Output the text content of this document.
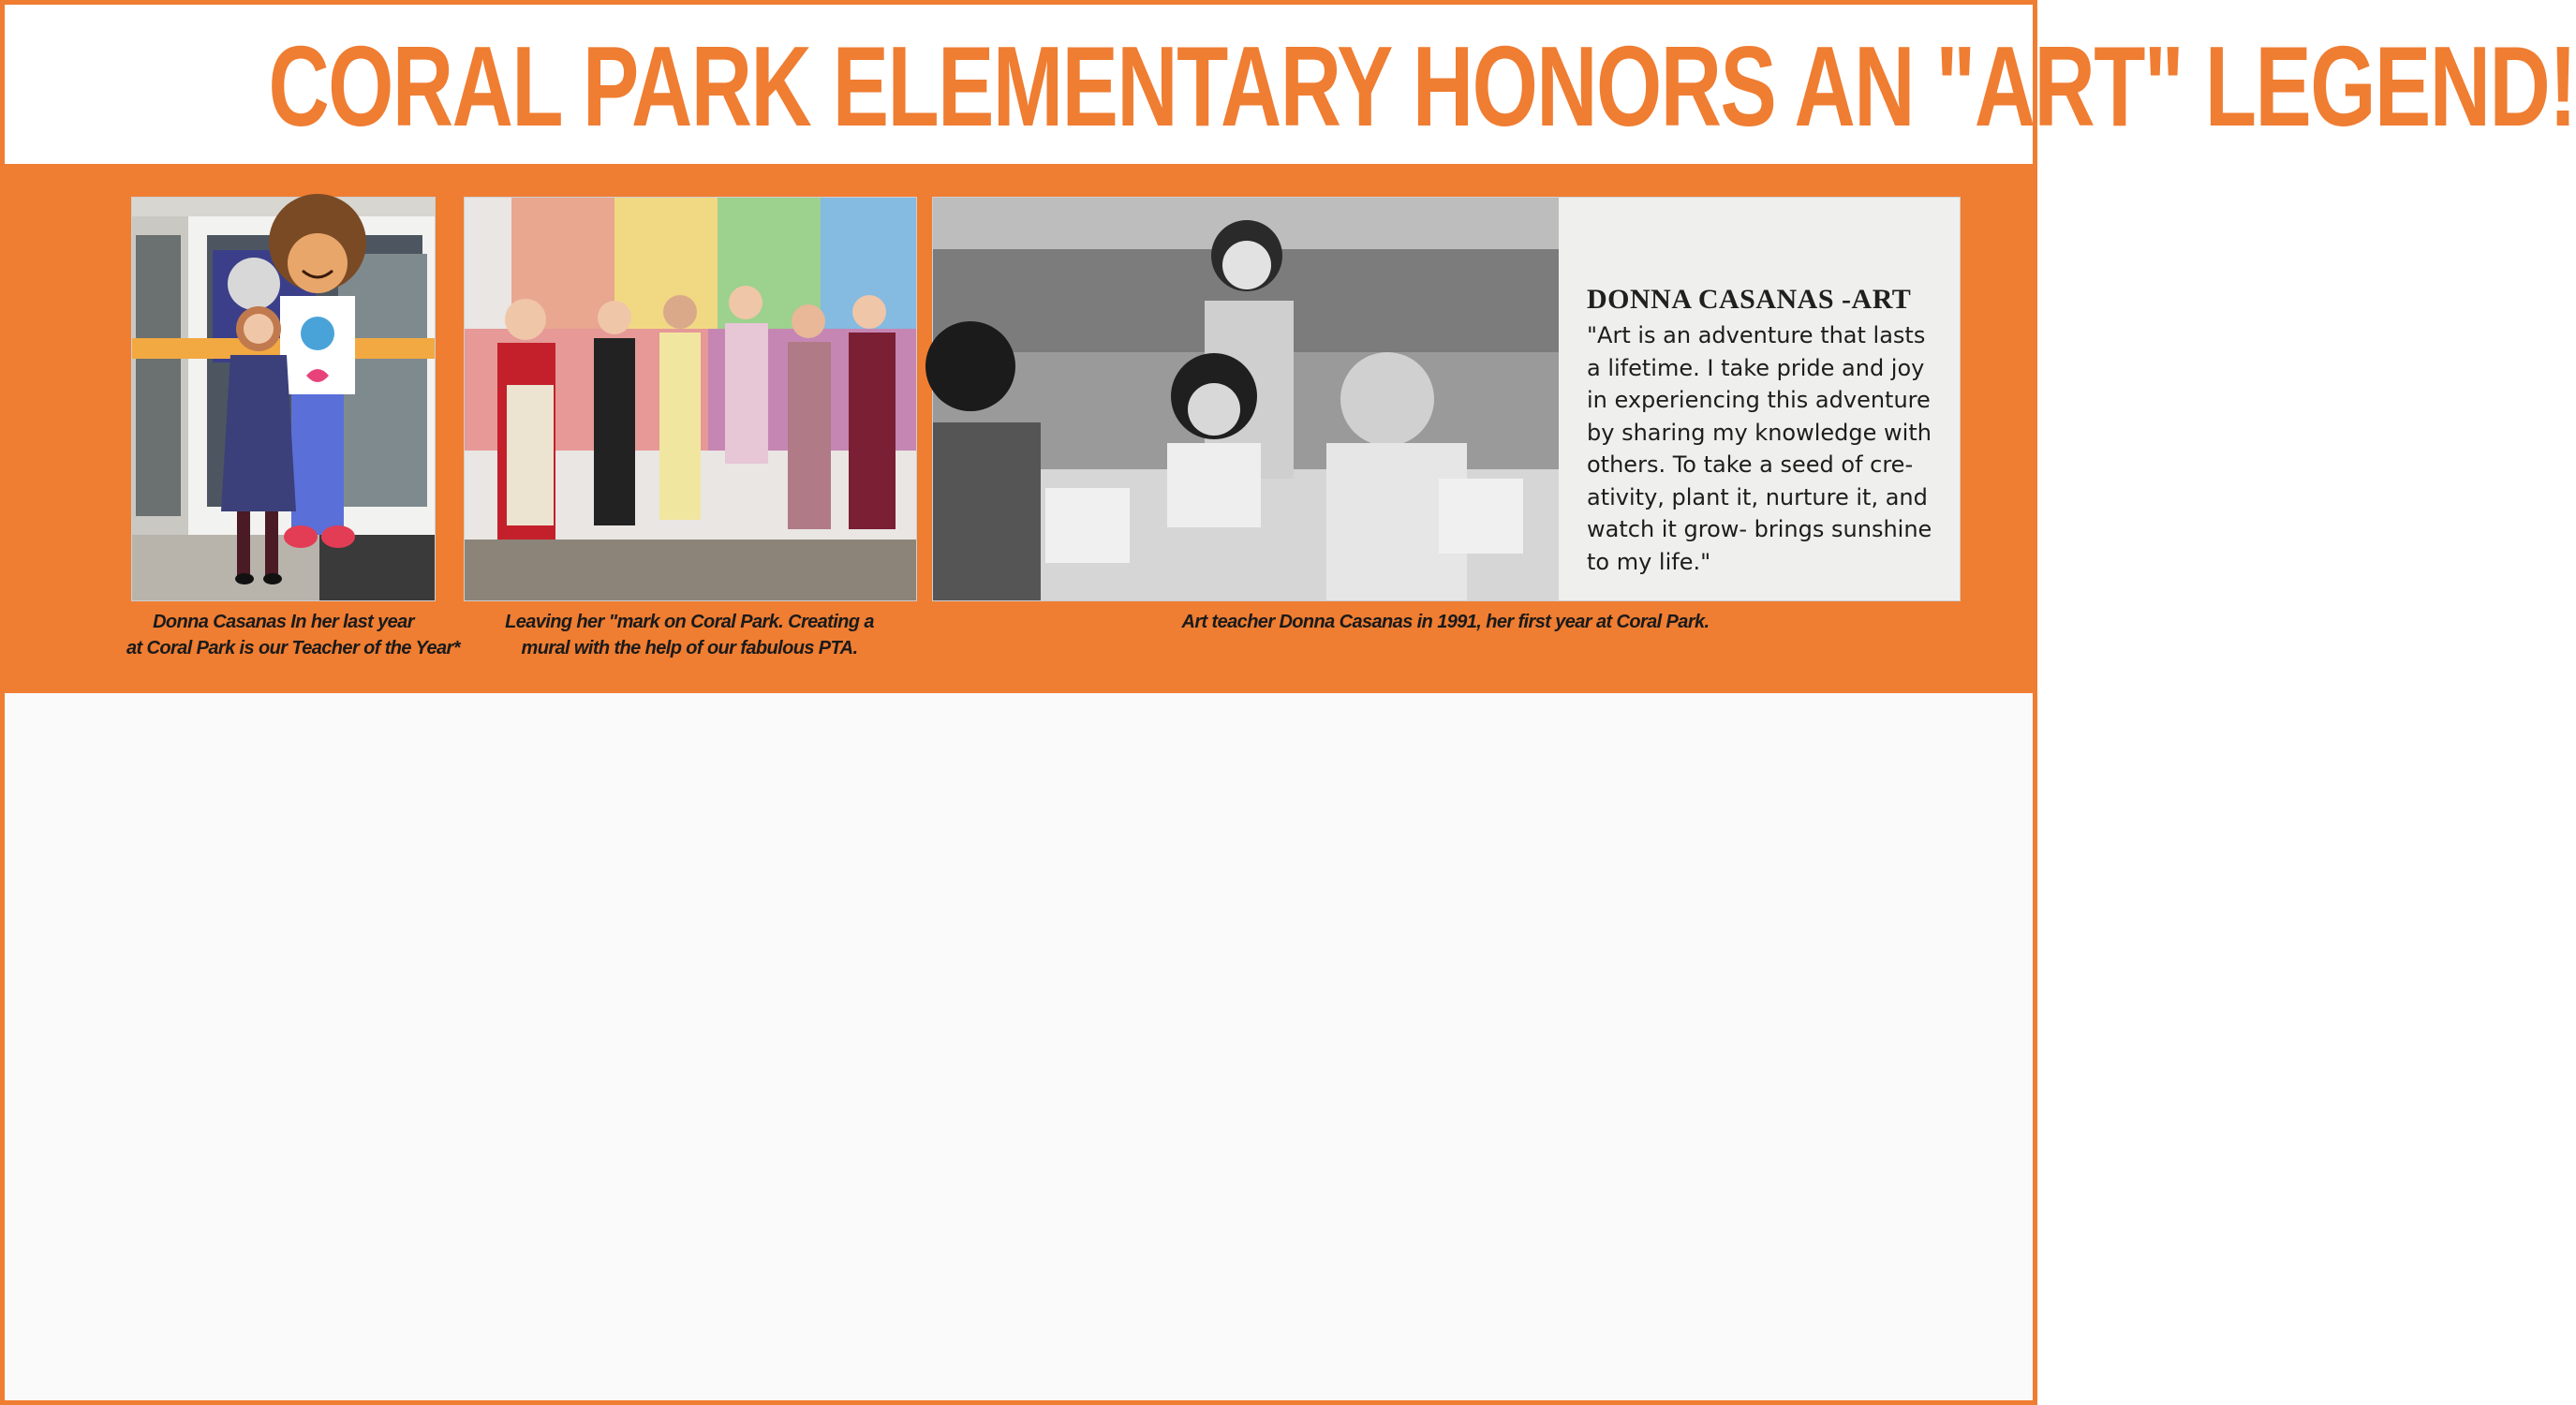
CORAL PARK ELEMENTARY HONORS AN "ART" LEGEND!
Donna Casanas In her last year
at Coral Park is our Teacher of the Year*
Leaving her "mark on Coral Park. Creating a
mural with the help of our fabulous PTA.
DONNA CASANAS -ART
"Art is an adventure that lasts
a lifetime. I take pride and joy
in experiencing this adventure
by sharing my knowledge with
others. To take a seed of cre-
ativity, plant it, nurture it, and
watch it grow- brings sunshine
to my life."
Art teacher Donna Casanas in 1991, her first year at Coral Park.
